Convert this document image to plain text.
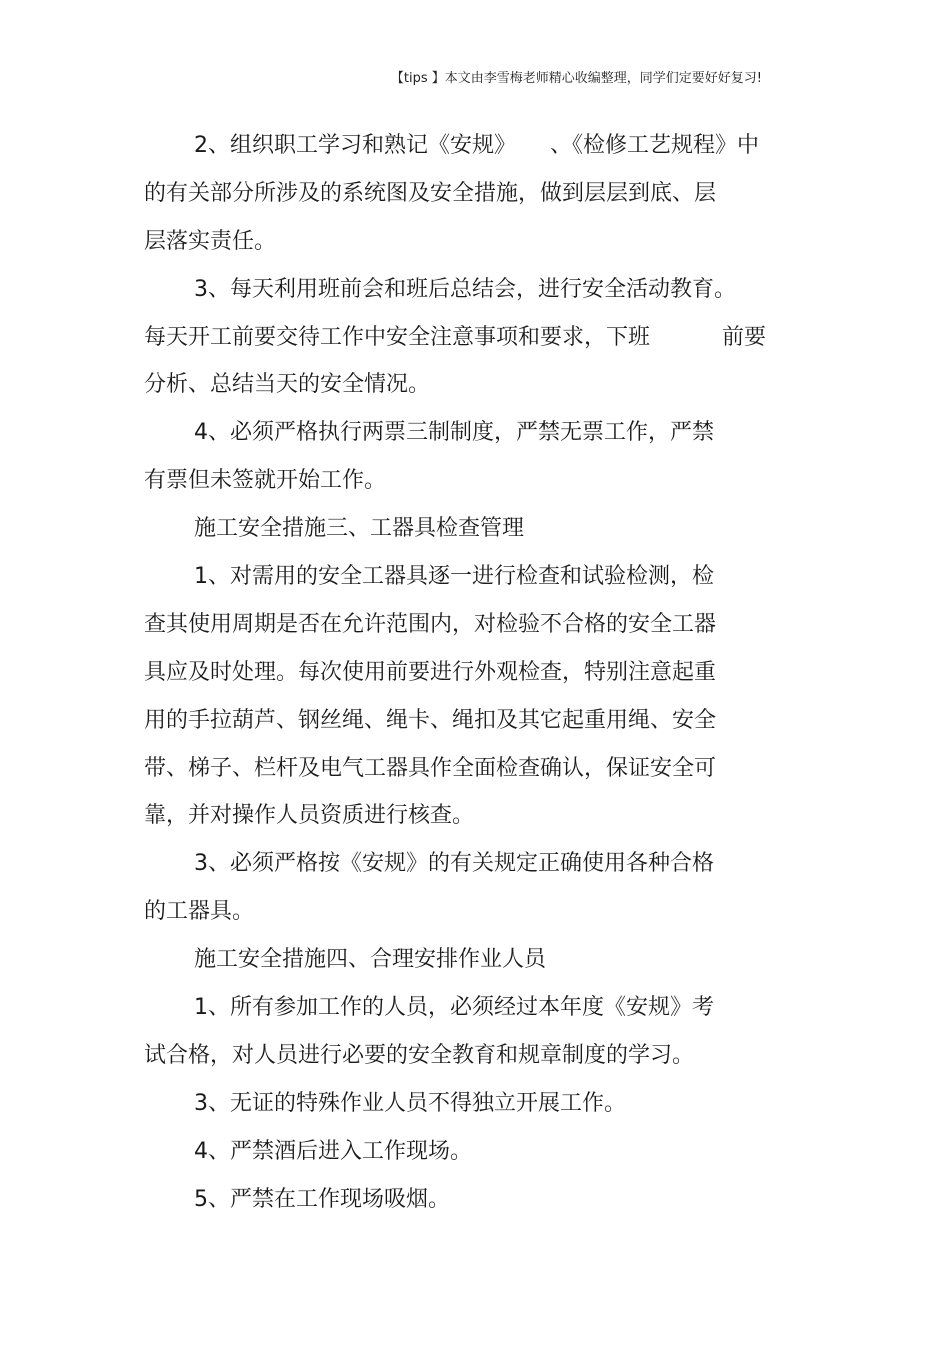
【tips 】本文由李雪梅老师精心收编整理，同学们定要好好复习!
2、组织职工学习和熟记《安规》 、《检修工艺规程》中
的有关部分所涉及的系统图及安全措施，做到层层到底、层
层落实责任。
3、每天利用班前会和班后总结会，进行安全活动教育。
每天开工前要交待工作中安全注意事项和要求，下班	前要
分析、总结当天的安全情况。
4、必须严格执行两票三制制度，严禁无票工作，严禁
有票但未签就开始工作。
施工安全措施三、工器具检查管理
1、对需用的安全工器具逐一进行检查和试验检测，检
查其使用周期是否在允许范围内，对检验不合格的安全工器
具应及时处理。每次使用前要进行外观检查，特别注意起重
用的手拉葫芦、钢丝绳、绳卡、绳扣及其它起重用绳、安全
带、梯子、栏杆及电气工器具作全面检查确认，保证安全可
靠，并对操作人员资质进行核查。
3、必须严格按《安规》的有关规定正确使用各种合格
的工器具。
施工安全措施四、合理安排作业人员
1、所有参加工作的人员，必须经过本年度《安规》考
试合格，对人员进行必要的安全教育和规章制度的学习。
3、无证的特殊作业人员不得独立开展工作。
4、严禁酒后进入工作现场。
5、严禁在工作现场吸烟。
